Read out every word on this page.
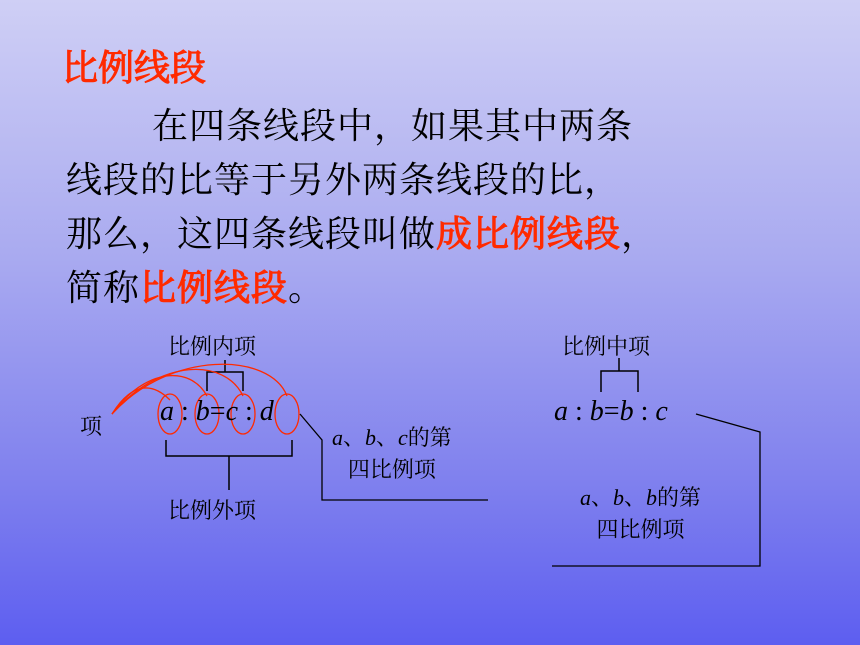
比例线段
在四条线段中，如果其中两条
线段的比等于另外两条线段的比，
那么，这四条线段叫做成比例线段，
简称比例线段。
比例内项
项
比例外项
a : b=c : d
a、b、c的第
四比例项
比例中项
a : b=b : c
a、b、b的第
四比例项
